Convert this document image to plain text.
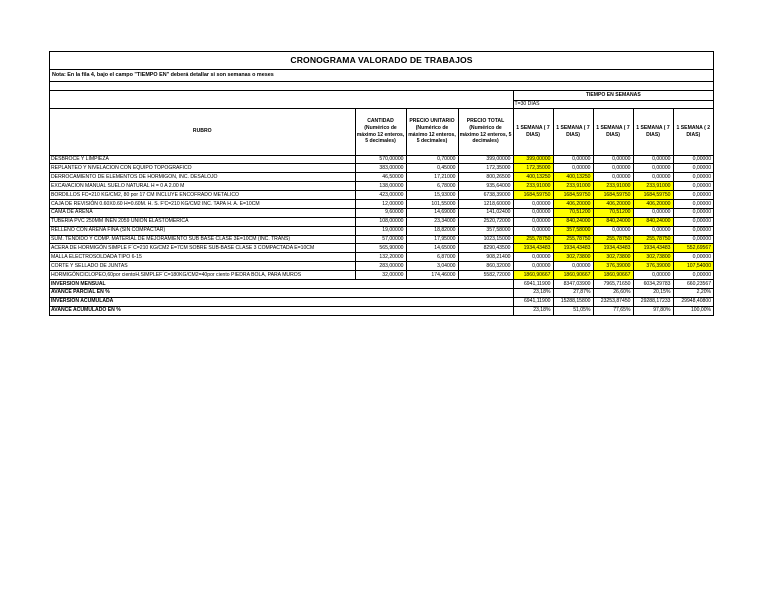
CRONOGRAMA VALORADO DE TRABAJOS
Nota: En la fila 4, bajo el campo "TIEMPO EN" deberá detallar si son semanas o meses
				TIEMPO EN SEMANAS				
				T=30 DIAS				
RUBRO	CANTIDAD (Numérico de máximo 12 enteros, 5 decimales)	PRECIO UNITARIO (Numérico de máximo 12 enteros, 5 decimales)	PRECIO TOTAL (Numérico de máximo 12 enteros, 5 decimales)	1 SEMANA ( 7 DIAS)	1 SEMANA ( 7 DIAS)	1 SEMANA ( 7 DIAS)	1 SEMANA ( 7 DIAS)	1 SEMANA ( 2 DIAS)
DESBROCE Y LIMPIEZA	570,00000	0,70000	399,00000	399,00000	0,00000	0,00000	0,00000	0,00000
REPLANTEO Y NIVELACION CON EQUIPO TOPOGRAFICO	383,00000	0,45000	172,35000	172,35000	0,00000	0,00000	0,00000	0,00000
DERROCAMIENTO DE ELEMENTOS DE HORMIGON, INC. DESALOJO	46,50000	17,21000	800,26500	400,13250	400,13250	0,00000	0,00000	0,00000
EXCAVACION MANUAL SUELO NATURAL H = 0 A 2.00 M	138,00000	6,78000	935,64000	233,91000	233,91000	233,91000	233,91000	0,00000
BORDILLOS FC=210 KG/CM2, 80 por 17 CM INCLUYE ENCOFRADO METALICO	423,00000	15,93000	6738,39000	1684,59750	1684,59750	1684,59750	1684,59750	0,00000
CAJA DE REVISIÓN 0.60X0.60 H=0.60M. H. S. F'C=210 KG/CM2 INC. TAPA H. A. E=10CM	12,00000	101,55000	1218,60000	0,00000	406,20000	406,20000	406,20000	0,00000
CAMA DE ARENA	9,60000	14,69000	141,02400	0,00000	70,51200	70,51200	0,00000	0,00000
TUBERIA PVC 250MM INEN 2059 UNION ELASTOMERICA	108,00000	23,34000	2520,72000	0,00000	840,24000	840,24000	840,24000	0,00000
RELLENO CON ARENA FINA (SIN COMPACTAR)	19,00000	18,82000	357,58000	0,00000	357,58000	0,00000	0,00000	0,00000
SUM. TENDIDO Y COMP. MATERIAL DE MEJORAMIENTO SUB BASE CLASE 3E=10CM (INC. TRANS)	57,00000	17,95000	1023,15000	255,78750	255,78750	255,78750	255,78750	0,00000
ACERA DE HORMIGÓN SIMPLE F´C=210 KG/CM2 E=7CM SOBRE SUB-BASE CLASE 3 COMPACTADA E=10CM	565,90000	14,65000	8290,43500	1934,43483	1934,43483	1934,43483	1934,43483	552,69567
MALLA ELECTROSOLDADA TIPO 6-15	132,20000	6,87000	908,21400	0,00000	302,73800	302,73800	302,73800	0,00000
CORTE Y SELLADO DE JUNTAS	283,00000	3,04000	860,32000	0,00000	0,00000	376,39000	376,39000	107,54000
HORMIGÓNCICLOPEO,60por cientoH.SIMPLEF´C=180KG/CM2=40por ciento PIEDRA BOLA, PARA MUROS	32,00000	174,46000	5582,72000	1860,90667	1860,90667	1860,90667	0,00000	0,00000
INVERSION MENSUAL				6941,11900	8347,03900	7965,71650	6034,29783	660,23567
AVANCE PARCIAL EN %				23,18%	27,87%	26,60%	20,15%	2,20%
INVERSION ACUMULADA				6941,11900	15288,15800	23253,87450	29288,17233	29948,40800
AVANCE ACUMULADO EN %				23,18%	51,05%	77,65%	97,80%	100,00%
